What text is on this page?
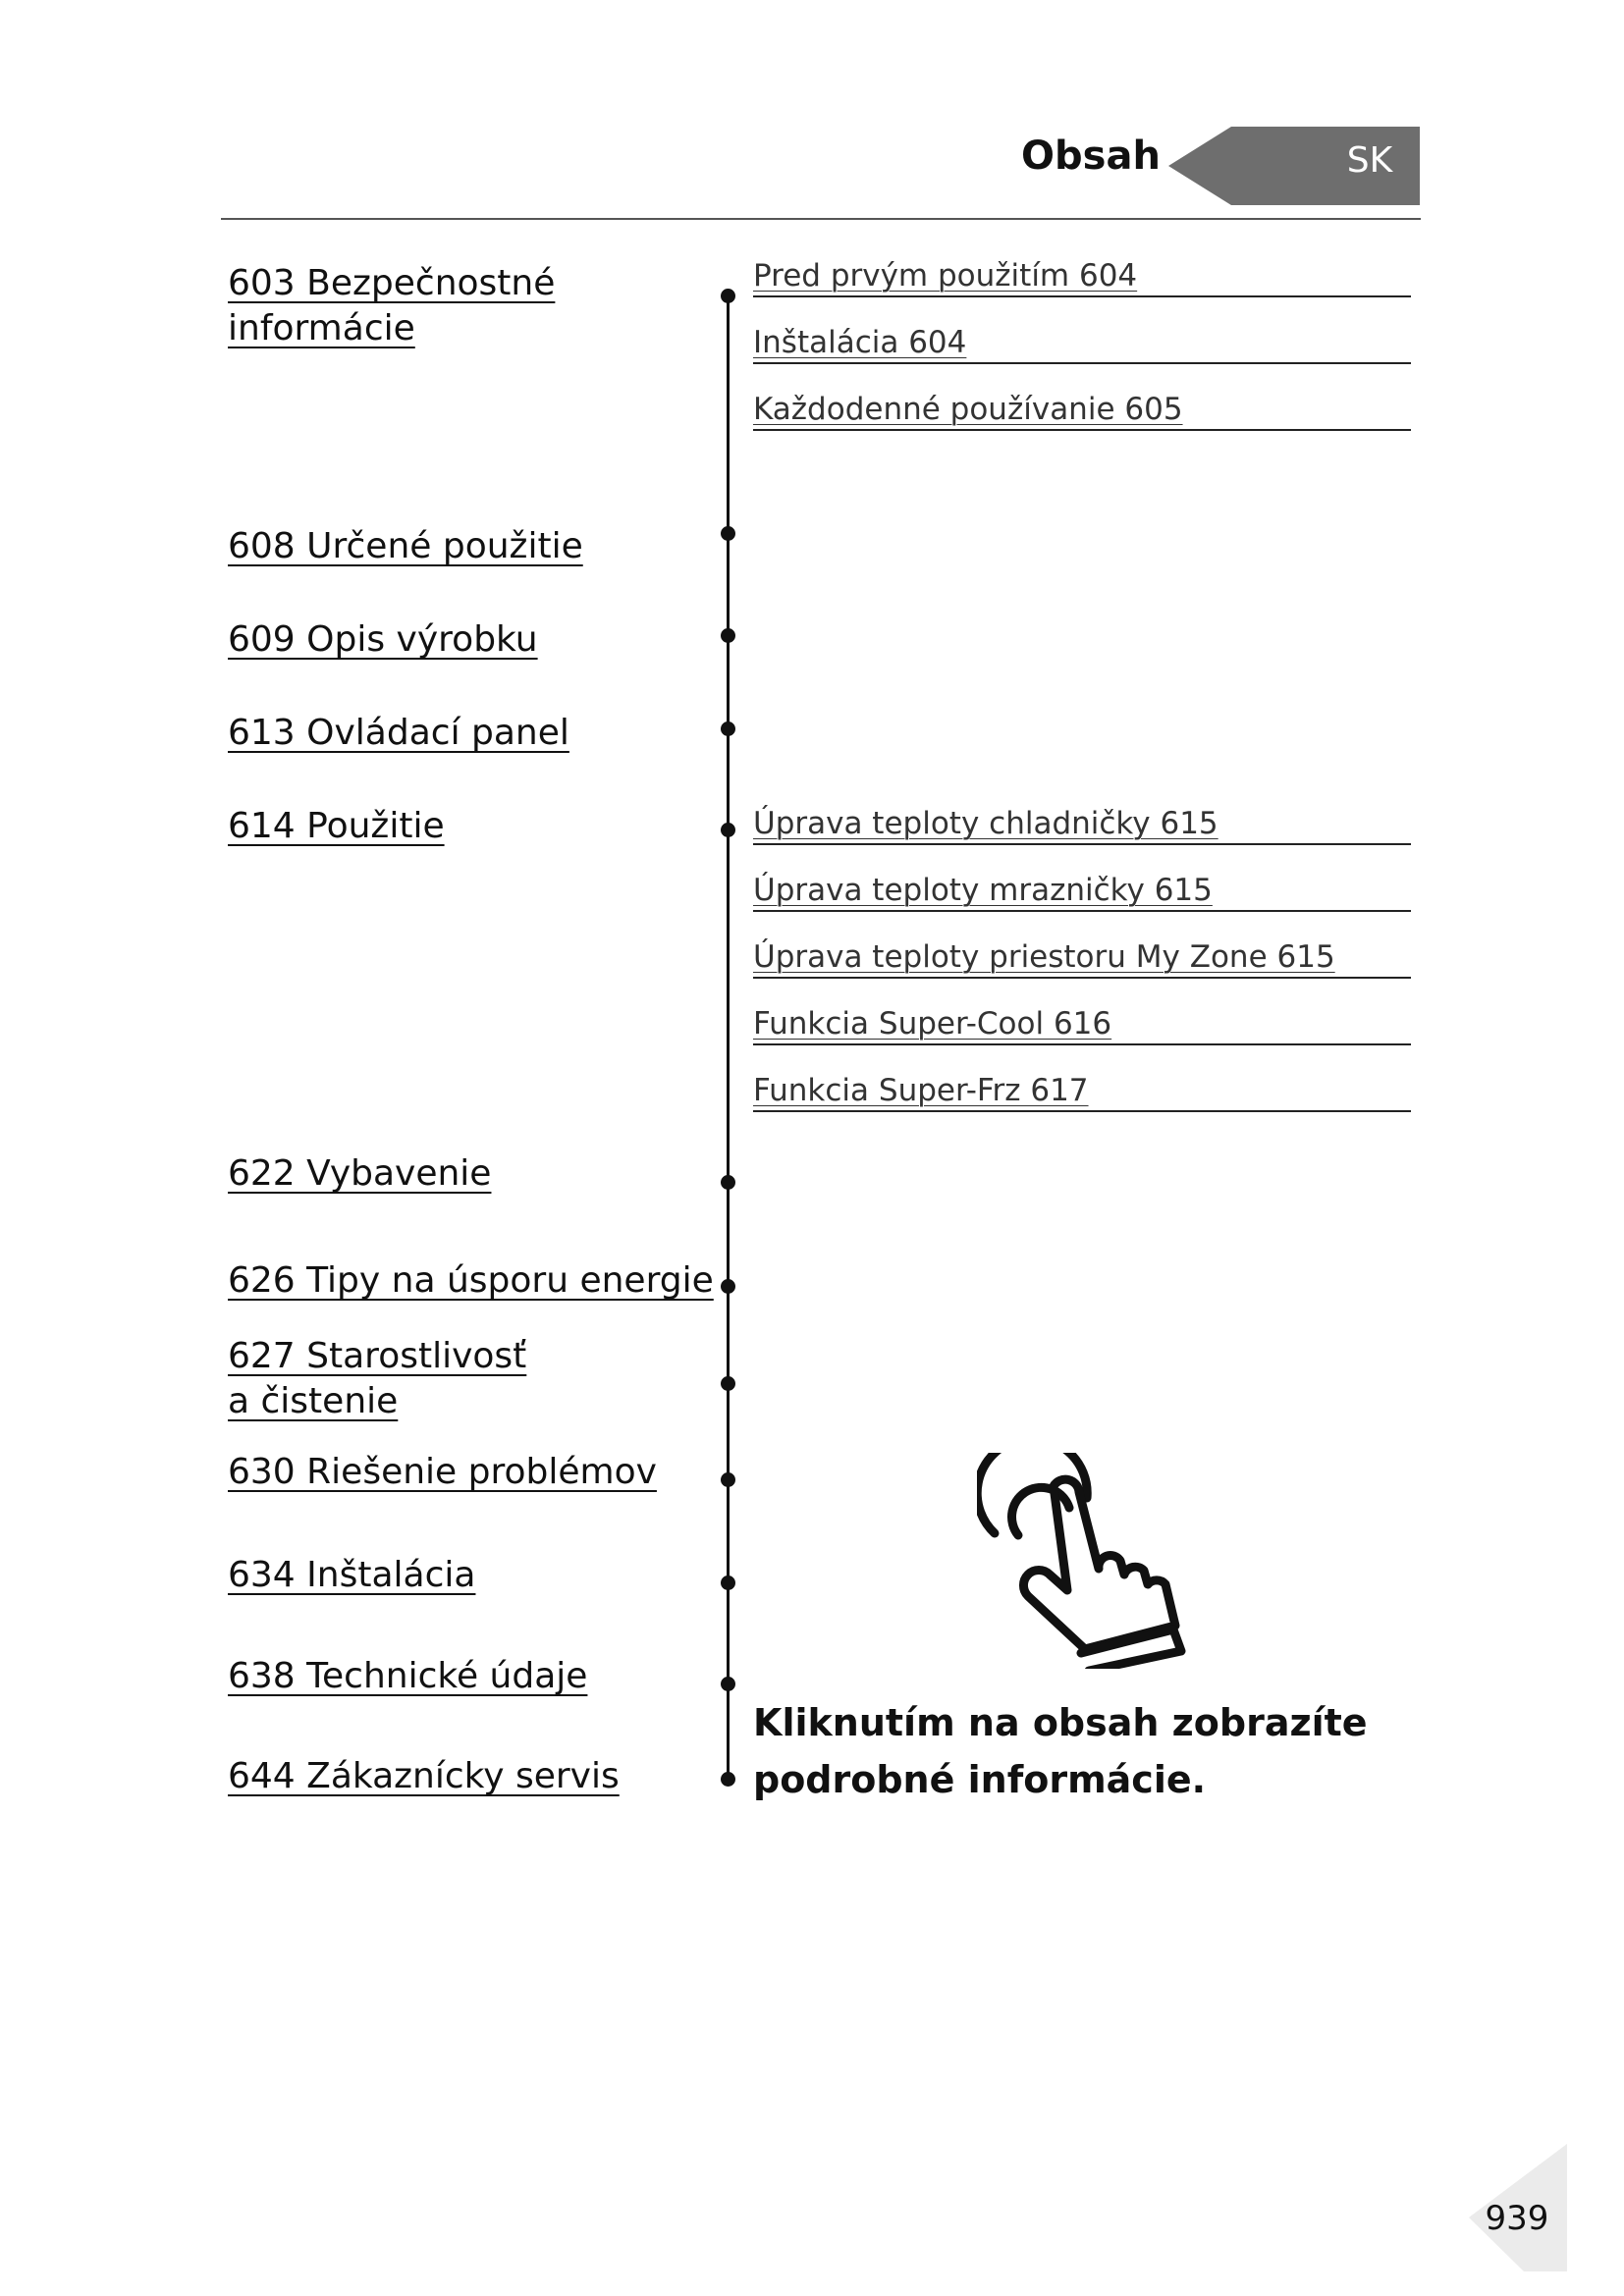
Obsah	SK
603 Bezpečnostné
informácie
608 Určené použitie
609 Opis výrobku
613 Ovládací panel
614 Použitie
622 Vybavenie
626 Tipy na úsporu energie
627 Starostlivosť
a čistenie
630 Riešenie problémov
634 Inštalácia
638 Technické údaje
644 Zákaznícky servis
Pred prvým použitím 604
Inštalácia 604
Každodenné používanie 605
Úprava teploty chladničky 615
Úprava teploty mrazničky 615
Úprava teploty priestoru My Zone 615
Funkcia Super-Cool 616
Funkcia Super-Frz 617
Kliknutím na obsah zobrazíte
podrobné informácie.
939
